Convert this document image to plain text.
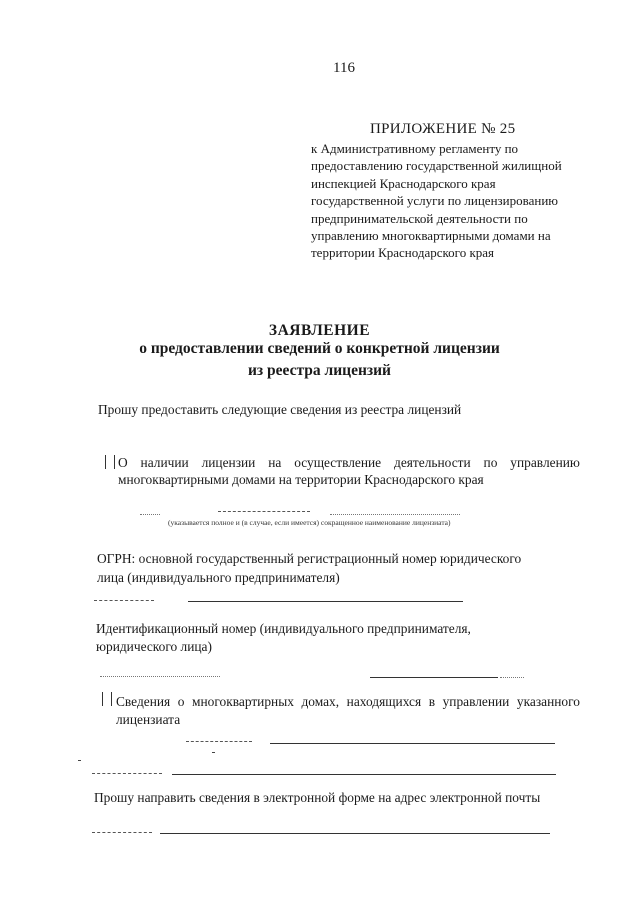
116
ПРИЛОЖЕНИЕ № 25
к Административному регламенту по
предоставлению государственной жилищной
инспекцией Краснодарского края
государственной услуги по лицензированию
предпринимательской деятельности по
управлению многоквартирными домами на
территории Краснодарского края
ЗАЯВЛЕНИЕ
о предоставлении сведений о конкретной лицензии
из реестра лицензий
Прошу предоставить следующие сведения из реестра лицензий
О наличии лицензии на осуществление деятельности по управлению
многоквартирными домами на территории Краснодарского края
(указывается полное и (в случае, если имеется) сокращенное наименование лицензиата)
ОГРН: основной государственный регистрационный номер юридического
лица (индивидуального предпринимателя)
Идентификационный номер (индивидуального предпринимателя,
юридического лица)
Сведения о многоквартирных домах, находящихся в управлении указанного
лицензиата
Прошу направить сведения в электронной форме на адрес электронной почты
